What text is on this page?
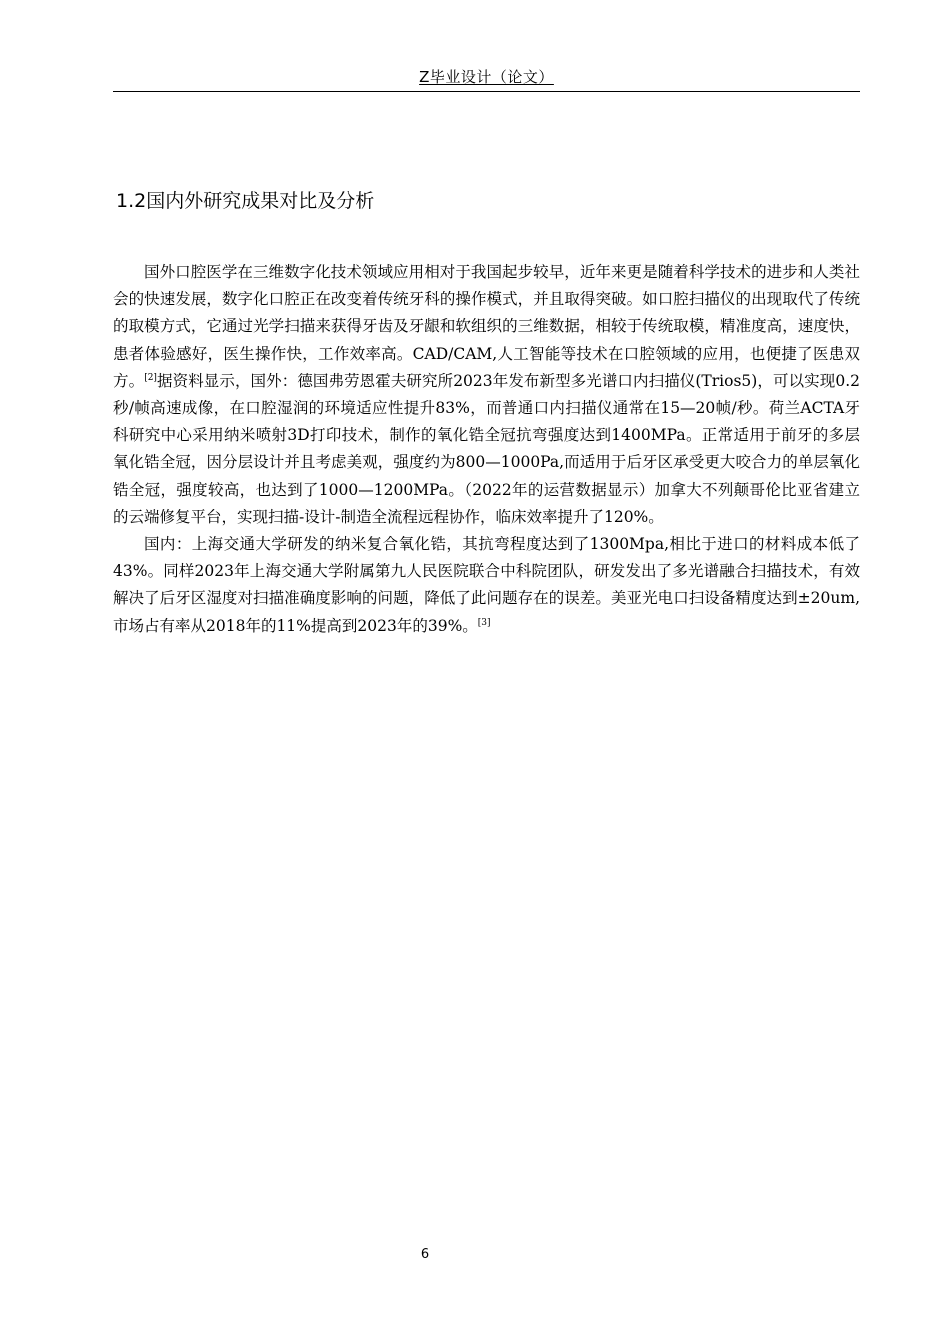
Z毕业设计（论文）
1.2国内外研究成果对比及分析

国外口腔医学在三维数字化技术领域应用相对于我国起步较早，近年来更是随着科学技术的进步和人类社会的快速发展，数字化口腔正在改变着传统牙科的操作模式，并且取得突破。如口腔扫描仪的出现取代了传统的取模方式，它通过光学扫描来获得牙齿及牙龈和软组织的三维数据，相较于传统取模，精准度高，速度快，患者体验感好，医生操作快，工作效率高。CAD/CAM,人工智能等技术在口腔领域的应用，也便捷了医患双方。[2]据资料显示，国外：德国弗劳恩霍夫研究所2023年发布新型多光谱口内扫描仪(Trios5)，可以实现0.2秒/帧高速成像，在口腔湿润的环境适应性提升83%，而普通口内扫描仪通常在15—20帧/秒。荷兰ACTA牙科研究中心采用纳米喷射3D打印技术，制作的氧化锆全冠抗弯强度达到1400MPa。正常适用于前牙的多层氧化锆全冠，因分层设计并且考虑美观，强度约为800—1000Pa,而适用于后牙区承受更大咬合力的单层氧化锆全冠，强度较高，也达到了1000—1200MPa。（2022年的运营数据显示）加拿大不列颠哥伦比亚省建立的云端修复平台，实现扫描-设计-制造全流程远程协作，临床效率提升了120%。

国内：上海交通大学研发的纳米复合氧化锆，其抗弯程度达到了1300Mpa,相比于进口的材料成本低了43%。同样2023年上海交通大学附属第九人民医院联合中科院团队，研发发出了多光谱融合扫描技术，有效解决了后牙区湿度对扫描准确度影响的问题，降低了此问题存在的误差。美亚光电口扫设备精度达到±20um,市场占有率从2018年的11%提高到2023年的39%。[3]

6
